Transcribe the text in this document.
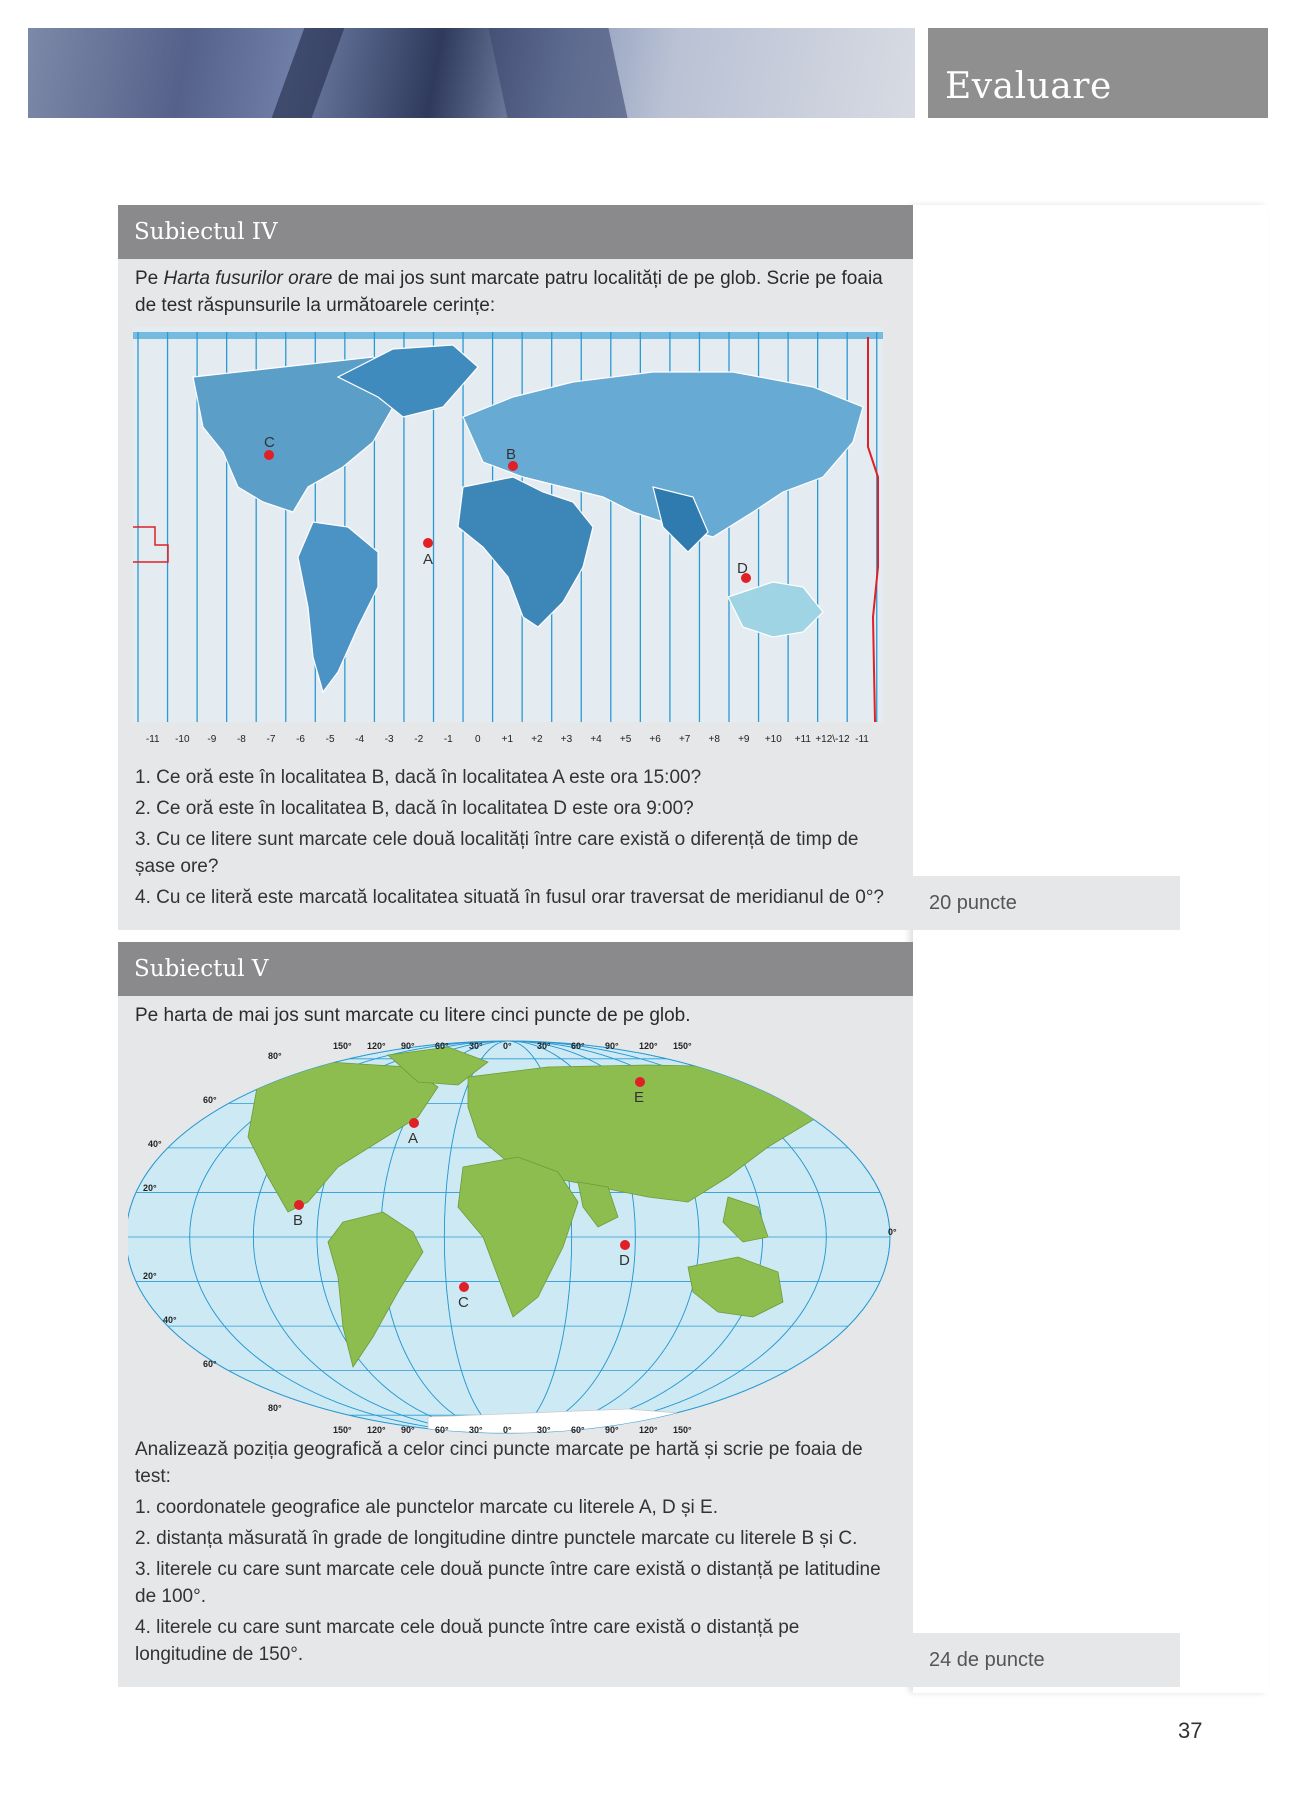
Evaluare
Subiectul IV
Pe Harta fusurilor orare de mai jos sunt marcate patru localități de pe glob. Scrie pe foaia de test răspunsurile la următoarele cerințe:
-11 -10 -9 -8 -7 -6 -5 -4 -3 -2 -1 0 +1 +2 +3 +4 +5 +6 +7 +8 +9 +10 +11 +12\-12 -11
A
B
C
D
1. Ce oră este în localitatea B, dacă în localitatea A este ora 15:00?
2. Ce oră este în localitatea B, dacă în localitatea D este ora 9:00?
3. Cu ce litere sunt marcate cele două localități între care există o diferență de timp de șase ore?
4. Cu ce literă este marcată localitatea situată în fusul orar traversat de meridianul de 0°?	20 puncte
Subiectul V
Pe harta de mai jos sunt marcate cu litere cinci puncte de pe glob.
150°
150°
120°
120°
90°
90°
60°
60°
30°
30°
0°
0°
30°
30°
60°
60°
90°
90°
120°
120°
150°
150°
80°
60°
40°
20°
0°
20°
40°
60°
80°
A
B
C
D
E
Analizează poziția geografică a celor cinci puncte marcate pe hartă și scrie pe foaia de test:
1. coordonatele geografice ale punctelor marcate cu literele A, D și E.
2. distanța măsurată în grade de longitudine dintre punctele marcate cu literele B și C.
3. literele cu care sunt marcate cele două puncte între care există o distanță pe latitudine de 100°.
4. literele cu care sunt marcate cele două puncte între care există o distanță pe longitudine de 150°.	24 de puncte
37
